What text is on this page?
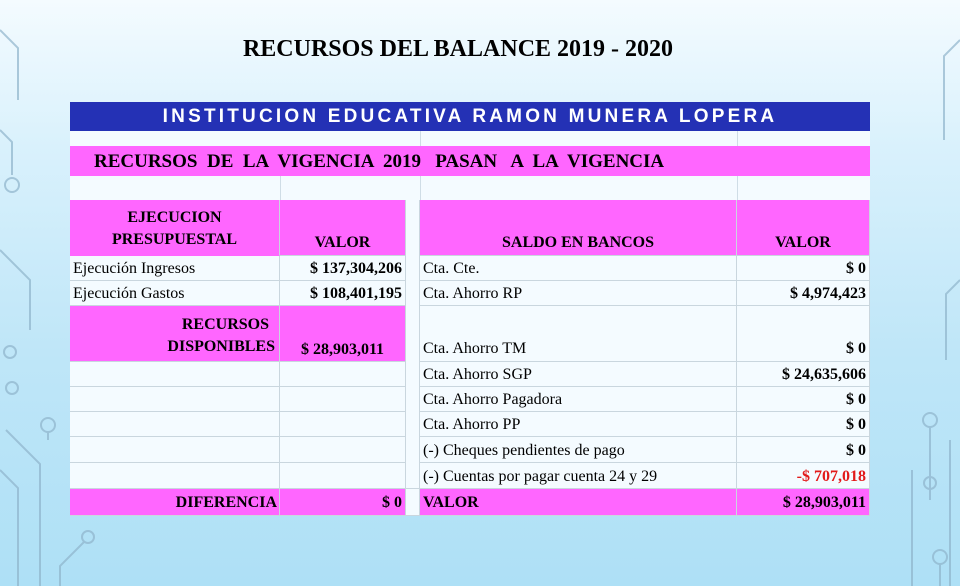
RECURSOS DEL BALANCE 2019 - 2020
INSTITUCION EDUCATIVA RAMON MUNERA LOPERA
RECURSOS  DE  LA  VIGENCIA  2019   PASAN   A  LA  VIGENCIA
EJECUCION
PRESUPUESTAL	VALOR
Ejecución Ingresos	$ 137,304,206
Ejecución Gastos	$ 108,401,195
RECURSOS
DISPONIBLES	$ 28,903,011
DIFERENCIA	$ 0
SALDO EN BANCOS	VALOR
Cta. Cte.	$ 0
Cta. Ahorro RP	$ 4,974,423
Cta. Ahorro TM	$ 0
Cta. Ahorro SGP	$ 24,635,606
Cta. Ahorro Pagadora	$ 0
Cta. Ahorro PP	$ 0
(-) Cheques pendientes de pago	$ 0
(-) Cuentas por pagar cuenta 24 y 29	-$ 707,018
VALOR	$ 28,903,011
